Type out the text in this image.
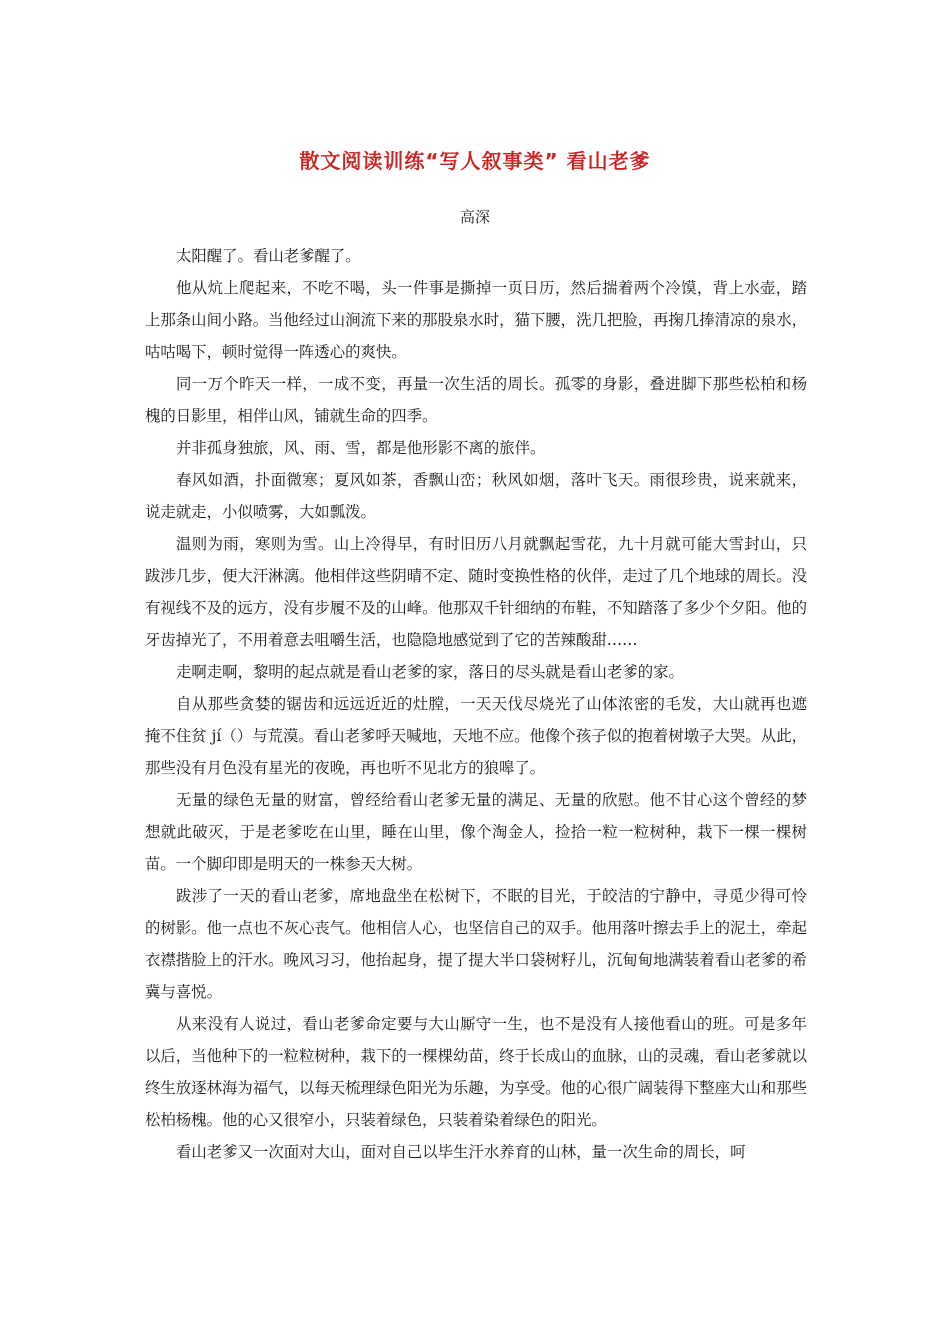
散文阅读训练“写人叙事类” 看山老爹
高深

太阳醒了。看山老爹醒了。

他从炕上爬起来，不吃不喝，头一件事是撕掉一页日历，然后揣着两个冷馍，背上水壶，踏上那条山间小路。当他经过山涧流下来的那股泉水时，猫下腰，洗几把脸，再掬几捧清凉的泉水，咕咕喝下，顿时觉得一阵透心的爽快。

同一万个昨天一样，一成不变，再量一次生活的周长。孤零的身影，叠进脚下那些松柏和杨槐的日影里，相伴山风，铺就生命的四季。

并非孤身独旅，风、雨、雪，都是他形影不离的旅伴。

春风如酒，扑面微寒；夏风如茶，香飘山峦；秋风如烟，落叶飞天。雨很珍贵，说来就来，说走就走，小似喷雾，大如瓢泼。

温则为雨，寒则为雪。山上冷得早，有时旧历八月就飘起雪花，九十月就可能大雪封山，只跋涉几步，便大汗淋漓。他相伴这些阴晴不定、随时变换性格的伙伴，走过了几个地球的周长。没有视线不及的远方，没有步履不及的山峰。他那双千针细纳的布鞋，不知踏落了多少个夕阳。他的牙齿掉光了，不用着意去咀嚼生活，也隐隐地感觉到了它的苦辣酸甜……

走啊走啊，黎明的起点就是看山老爹的家，落日的尽头就是看山老爹的家。

自从那些贪婪的锯齿和远远近近的灶膛，一天天伐尽烧光了山体浓密的毛发，大山就再也遮掩不住贫 jí（）与荒漠。看山老爹呼天喊地，天地不应。他像个孩子似的抱着树墩子大哭。从此，那些没有月色没有星光的夜晚，再也听不见北方的狼嗥了。

无量的绿色无量的财富，曾经给看山老爹无量的满足、无量的欣慰。他不甘心这个曾经的梦想就此破灭，于是老爹吃在山里，睡在山里，像个淘金人，捡拾一粒一粒树种，栽下一棵一棵树苗。一个脚印即是明天的一株参天大树。

跋涉了一天的看山老爹，席地盘坐在松树下，不眠的目光，于皎洁的宁静中，寻觅少得可怜的树影。他一点也不灰心丧气。他相信人心，也坚信自己的双手。他用落叶擦去手上的泥土，牵起衣襟揩脸上的汗水。晚风习习，他抬起身，提了提大半口袋树籽儿，沉甸甸地满装着看山老爹的希冀与喜悦。

从来没有人说过，看山老爹命定要与大山厮守一生，也不是没有人接他看山的班。可是多年以后，当他种下的一粒粒树种，栽下的一棵棵幼苗，终于长成山的血脉，山的灵魂，看山老爹就以终生放逐林海为福气，以每天梳理绿色阳光为乐趣，为享受。他的心很广阔装得下整座大山和那些松柏杨槐。他的心又很窄小，只装着绿色，只装着染着绿色的阳光。

看山老爹又一次面对大山，面对自己以毕生汗水养育的山林，量一次生命的周长，呵
